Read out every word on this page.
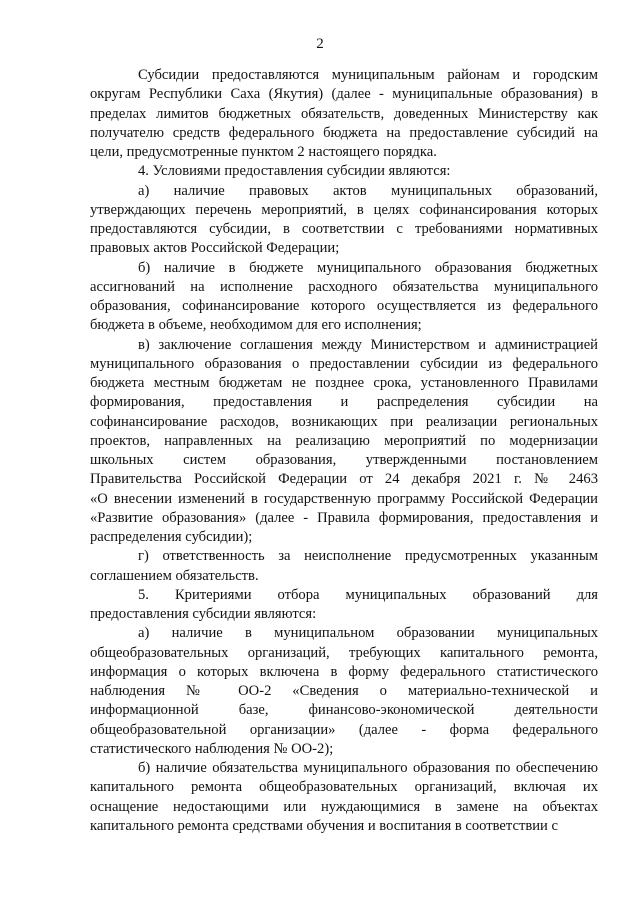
2
Субсидии предоставляются муниципальным районам и городским
округам Республики Саха (Якутия) (далее - муниципальные образования) в
пределах лимитов бюджетных обязательств, доведенных Министерству как
получателю средств федерального бюджета на предоставление субсидий на
цели, предусмотренные пунктом 2 настоящего порядка.
4. Условиями предоставления субсидии являются:
а) наличие правовых актов муниципальных образований,
утверждающих перечень мероприятий, в целях софинансирования которых
предоставляются субсидии, в соответствии с требованиями нормативных
правовых актов Российской Федерации;
б) наличие в бюджете муниципального образования бюджетных
ассигнований на исполнение расходного обязательства муниципального
образования, софинансирование которого осуществляется из федерального
бюджета в объеме, необходимом для его исполнения;
в) заключение соглашения между Министерством и администрацией
муниципального образования о предоставлении субсидии из федерального
бюджета местным бюджетам не позднее срока, установленного Правилами
формирования, предоставления и распределения субсидии на
софинансирование расходов, возникающих при реализации региональных
проектов, направленных на реализацию мероприятий по модернизации
школьных систем образования, утвержденными постановлением
Правительства Российской Федерации от 24 декабря 2021 г. № 2463
«О внесении изменений в государственную программу Российской Федерации
«Развитие образования» (далее - Правила формирования, предоставления и
распределения субсидии);
г) ответственность за неисполнение предусмотренных указанным
соглашением обязательств.
5. Критериями отбора муниципальных образований для
предоставления субсидии являются:
а) наличие в муниципальном образовании муниципальных
общеобразовательных организаций, требующих капитального ремонта,
информация о которых включена в форму федерального статистического
наблюдения № ОО-2 «Сведения о материально-технической и
информационной базе, финансово-экономической деятельности
общеобразовательной организации» (далее - форма федерального
статистического наблюдения № ОО-2);
б) наличие обязательства муниципального образования по обеспечению
капитального ремонта общеобразовательных организаций, включая их
оснащение недостающими или нуждающимися в замене на объектах
капитального ремонта средствами обучения и воспитания в соответствии с
